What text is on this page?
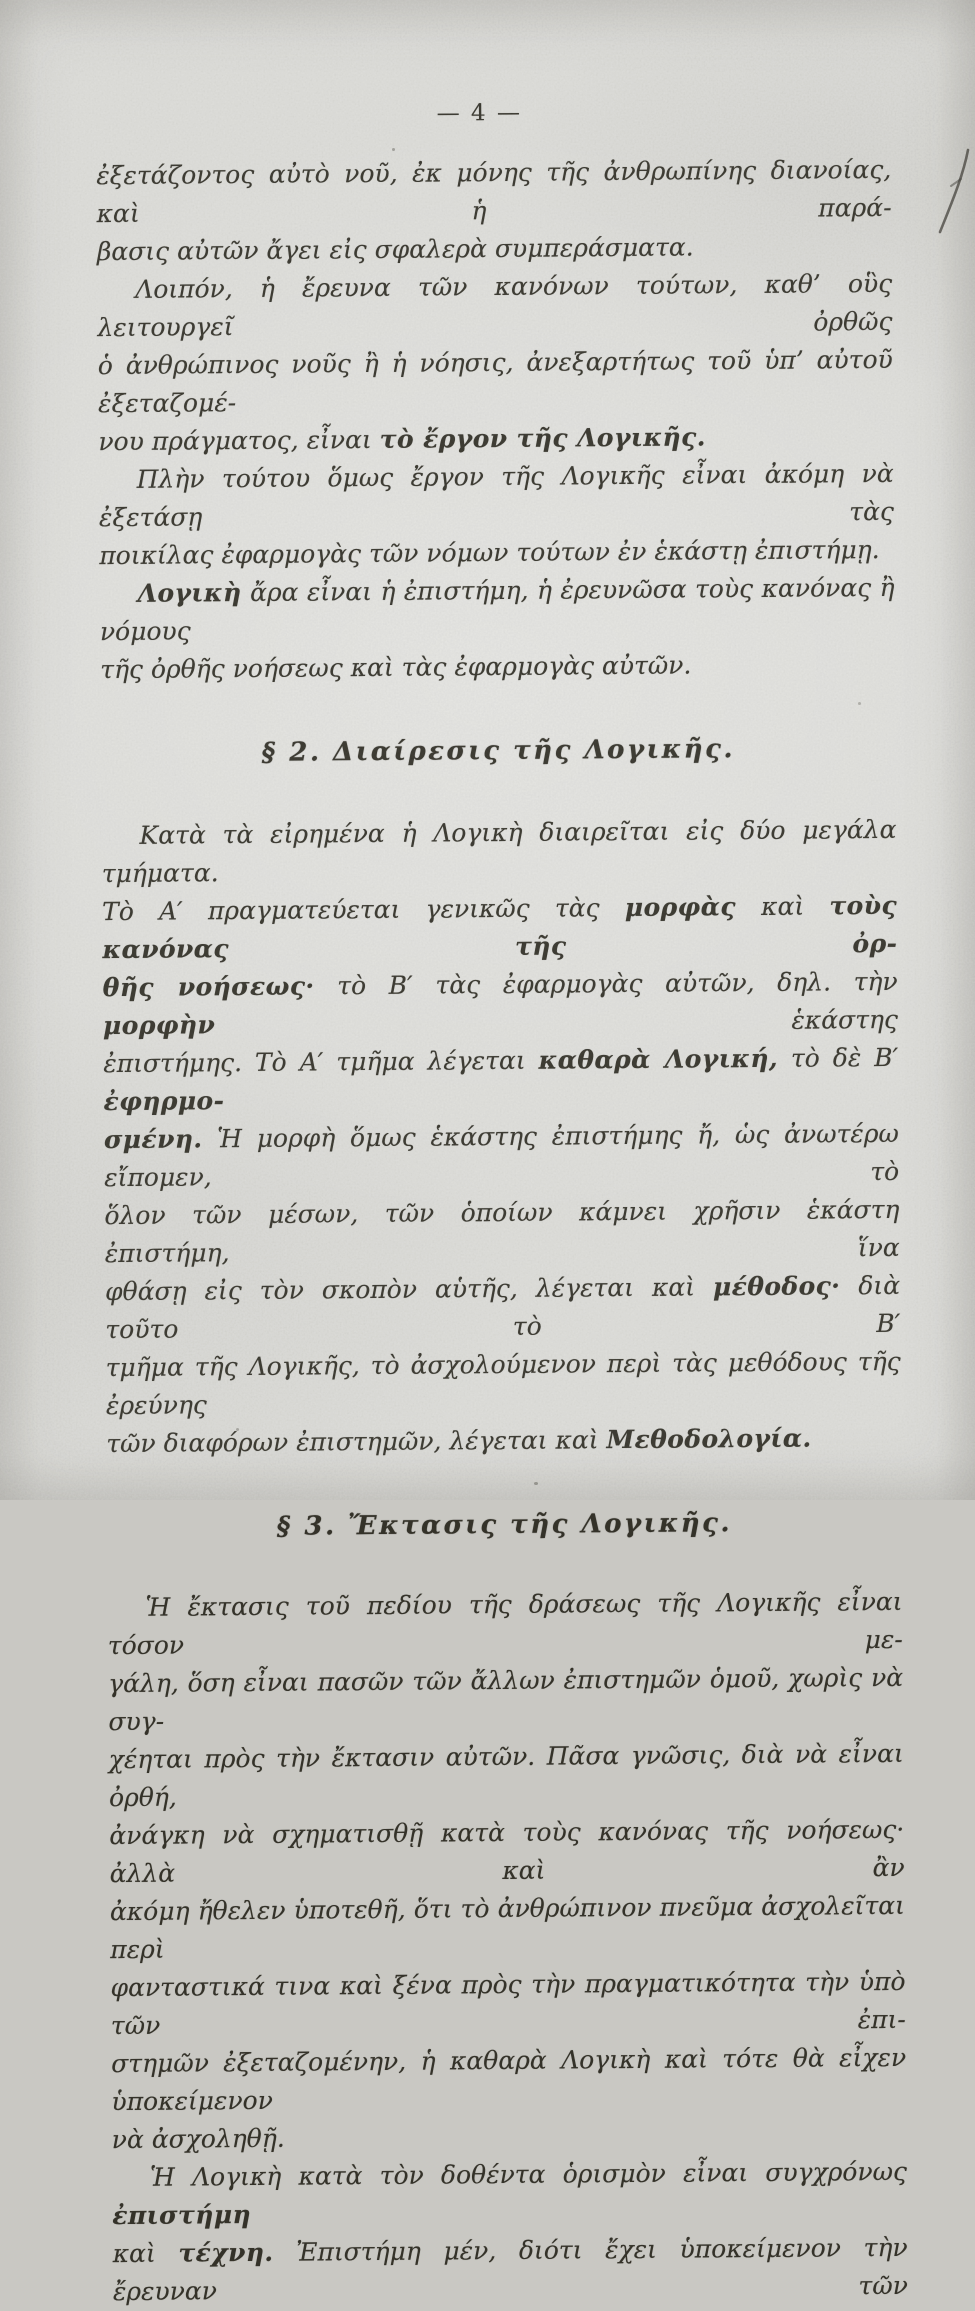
— 4 —
ἐξετάζοντος αὐτὸ νοῦ, ἐκ μόνης τῆς ἀνθρωπίνης διανοίας, καὶ ἡ παρά-
βασις αὐτῶν ἄγει εἰς σφαλερὰ συμπεράσματα.
Λοιπόν, ἡ ἔρευνα τῶν κανόνων τούτων, καθ’ οὓς λειτουργεῖ ὀρθῶς
ὁ ἀνθρώπινος νοῦς ἢ ἡ νόησις, ἀνεξαρτήτως τοῦ ὑπ’ αὐτοῦ ἐξεταζομέ-
νου πράγματος, εἶναι τὸ ἔργον τῆς Λογικῆς.
Πλὴν τούτου ὅμως ἔργον τῆς Λογικῆς εἶναι ἀκόμη νὰ ἐξετάσῃ τὰς
ποικίλας ἐφαρμογὰς τῶν νόμων τούτων ἐν ἑκάστῃ ἐπιστήμῃ.
Λογικὴ ἄρα εἶναι ἡ ἐπιστήμη, ἡ ἐρευνῶσα τοὺς κανόνας ἢ νόμους
τῆς ὀρθῆς νοήσεως καὶ τὰς ἐφαρμογὰς αὐτῶν.
§ 2. Διαίρεσις τῆς Λογικῆς.
Κατὰ τὰ εἰρημένα ἡ Λογικὴ διαιρεῖται εἰς δύο μεγάλα τμήματα.
Τὸ Α′ πραγματεύεται γενικῶς τὰς μορφὰς καὶ τοὺς κανόνας τῆς ὀρ-
θῆς νοήσεως· τὸ Β′ τὰς ἐφαρμογὰς αὐτῶν, δηλ. τὴν μορφὴν ἑκάστης
ἐπιστήμης. Τὸ Α′ τμῆμα λέγεται καθαρὰ Λογική, τὸ δὲ Β′ ἐφηρμο-
σμένη. Ἡ μορφὴ ὅμως ἑκάστης ἐπιστήμης ἤ, ὡς ἀνωτέρω εἴπομεν, τὸ
ὅλον τῶν μέσων, τῶν ὁποίων κάμνει χρῆσιν ἑκάστη ἐπιστήμη, ἵνα
φθάσῃ εἰς τὸν σκοπὸν αὑτῆς, λέγεται καὶ μέθοδος· διὰ τοῦτο τὸ Β′
τμῆμα τῆς Λογικῆς, τὸ ἀσχολούμενον περὶ τὰς μεθόδους τῆς ἐρεύνης
τῶν διαφόρων ἐπιστημῶν, λέγεται καὶ Μεθοδολογία.
§ 3. Ἔκτασις τῆς Λογικῆς.
Ἡ ἔκτασις τοῦ πεδίου τῆς δράσεως τῆς Λογικῆς εἶναι τόσον με-
γάλη, ὅση εἶναι πασῶν τῶν ἄλλων ἐπιστημῶν ὁμοῦ, χωρὶς νὰ συγ-
χέηται πρὸς τὴν ἔκτασιν αὐτῶν. Πᾶσα γνῶσις, διὰ νὰ εἶναι ὀρθή,
ἀνάγκη νὰ σχηματισθῇ κατὰ τοὺς κανόνας τῆς νοήσεως· ἀλλὰ καὶ ἂν
ἀκόμη ἤθελεν ὑποτεθῆ, ὅτι τὸ ἀνθρώπινον πνεῦμα ἀσχολεῖται περὶ
φανταστικά τινα καὶ ξένα πρὸς τὴν πραγματικότητα τὴν ὑπὸ τῶν ἐπι-
στημῶν ἐξεταζομένην, ἡ καθαρὰ Λογικὴ καὶ τότε θὰ εἶχεν ὑποκείμενον
νὰ ἀσχοληθῇ.
Ἡ Λογικὴ κατὰ τὸν δοθέντα ὁρισμὸν εἶναι συγχρόνως ἐπιστήμη
καὶ τέχνη. Ἐπιστήμη μέν, διότι ἔχει ὑποκείμενον τὴν ἔρευναν τῶν
